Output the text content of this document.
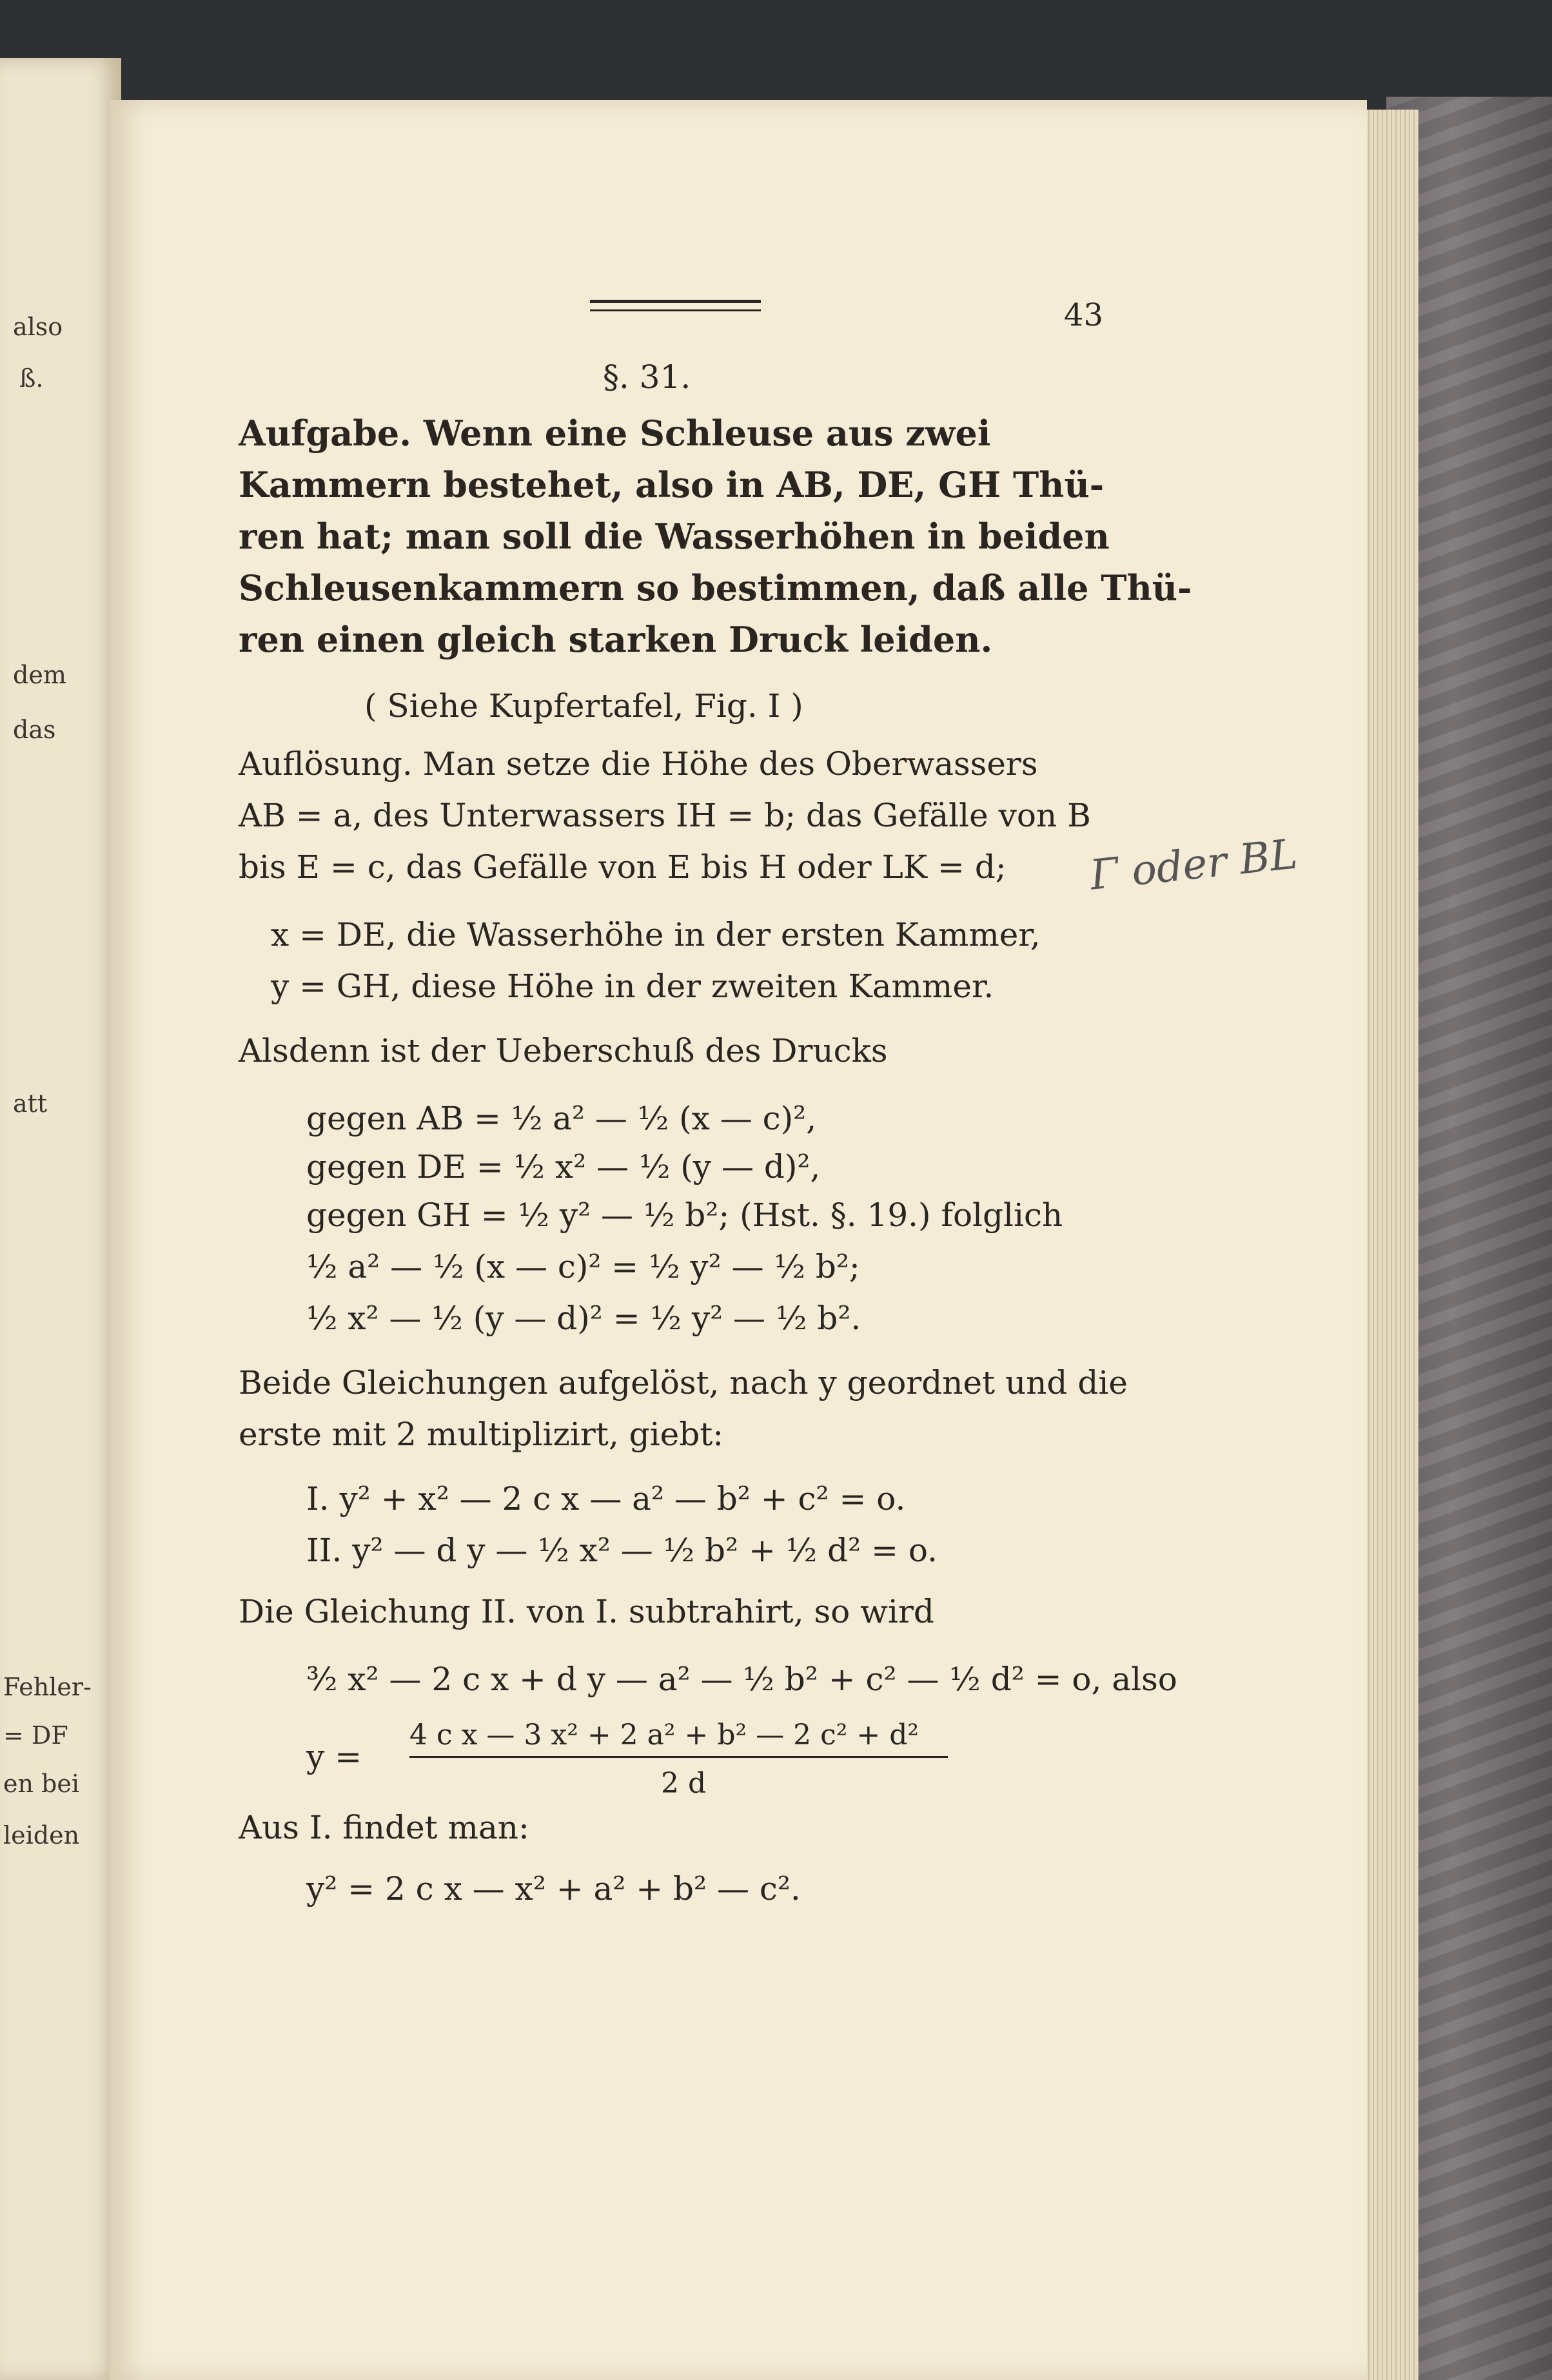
also
ß.
dem
das
att
Fehler-
= DF
en bei
leiden
43
§. 31.
Aufgabe. Wenn eine Schleuse aus zwei
Kammern bestehet, also in AB, DE, GH Thü-
ren hat; man soll die Wasserhöhen in beiden
Schleusenkammern so bestimmen, daß alle Thü-
ren einen gleich starken Druck leiden.
( Siehe Kupfertafel, Fig. I )
Auflösung. Man setze die Höhe des Oberwassers
AB = a, des Unterwassers IH = b; das Gefälle von B
bis E = c, das Gefälle von E bis H oder LK = d;
x = DE, die Wasserhöhe in der ersten Kammer,
y = GH, diese Höhe in der zweiten Kammer.
Alsdenn ist der Ueberschuß des Drucks
gegen AB = ½ a² — ½ (x — c)²,
gegen DE = ½ x² — ½ (y — d)²,
gegen GH = ½ y² — ½ b²; (Hst. §. 19.) folglich
½ a² — ½ (x — c)² = ½ y² — ½ b²;
½ x² — ½ (y — d)² = ½ y² — ½ b².
Beide Gleichungen aufgelöst, nach y geordnet und die
erste mit 2 multiplizirt, giebt:
I. y² + x² — 2 c x — a² — b² + c² = o.
II. y² — d y — ½ x² — ½ b² + ½ d² = o.
Die Gleichung II. von I. subtrahirt, so wird
³⁄₂ x² — 2 c x + d y — a² — ½ b² + c² — ½ d² = o, also
4 c x — 3 x² + 2 a² + b² — 2 c² + d²
y =
2 d
Aus I. findet man:
y² = 2 c x — x² + a² + b² — c².
Γ oder BL
